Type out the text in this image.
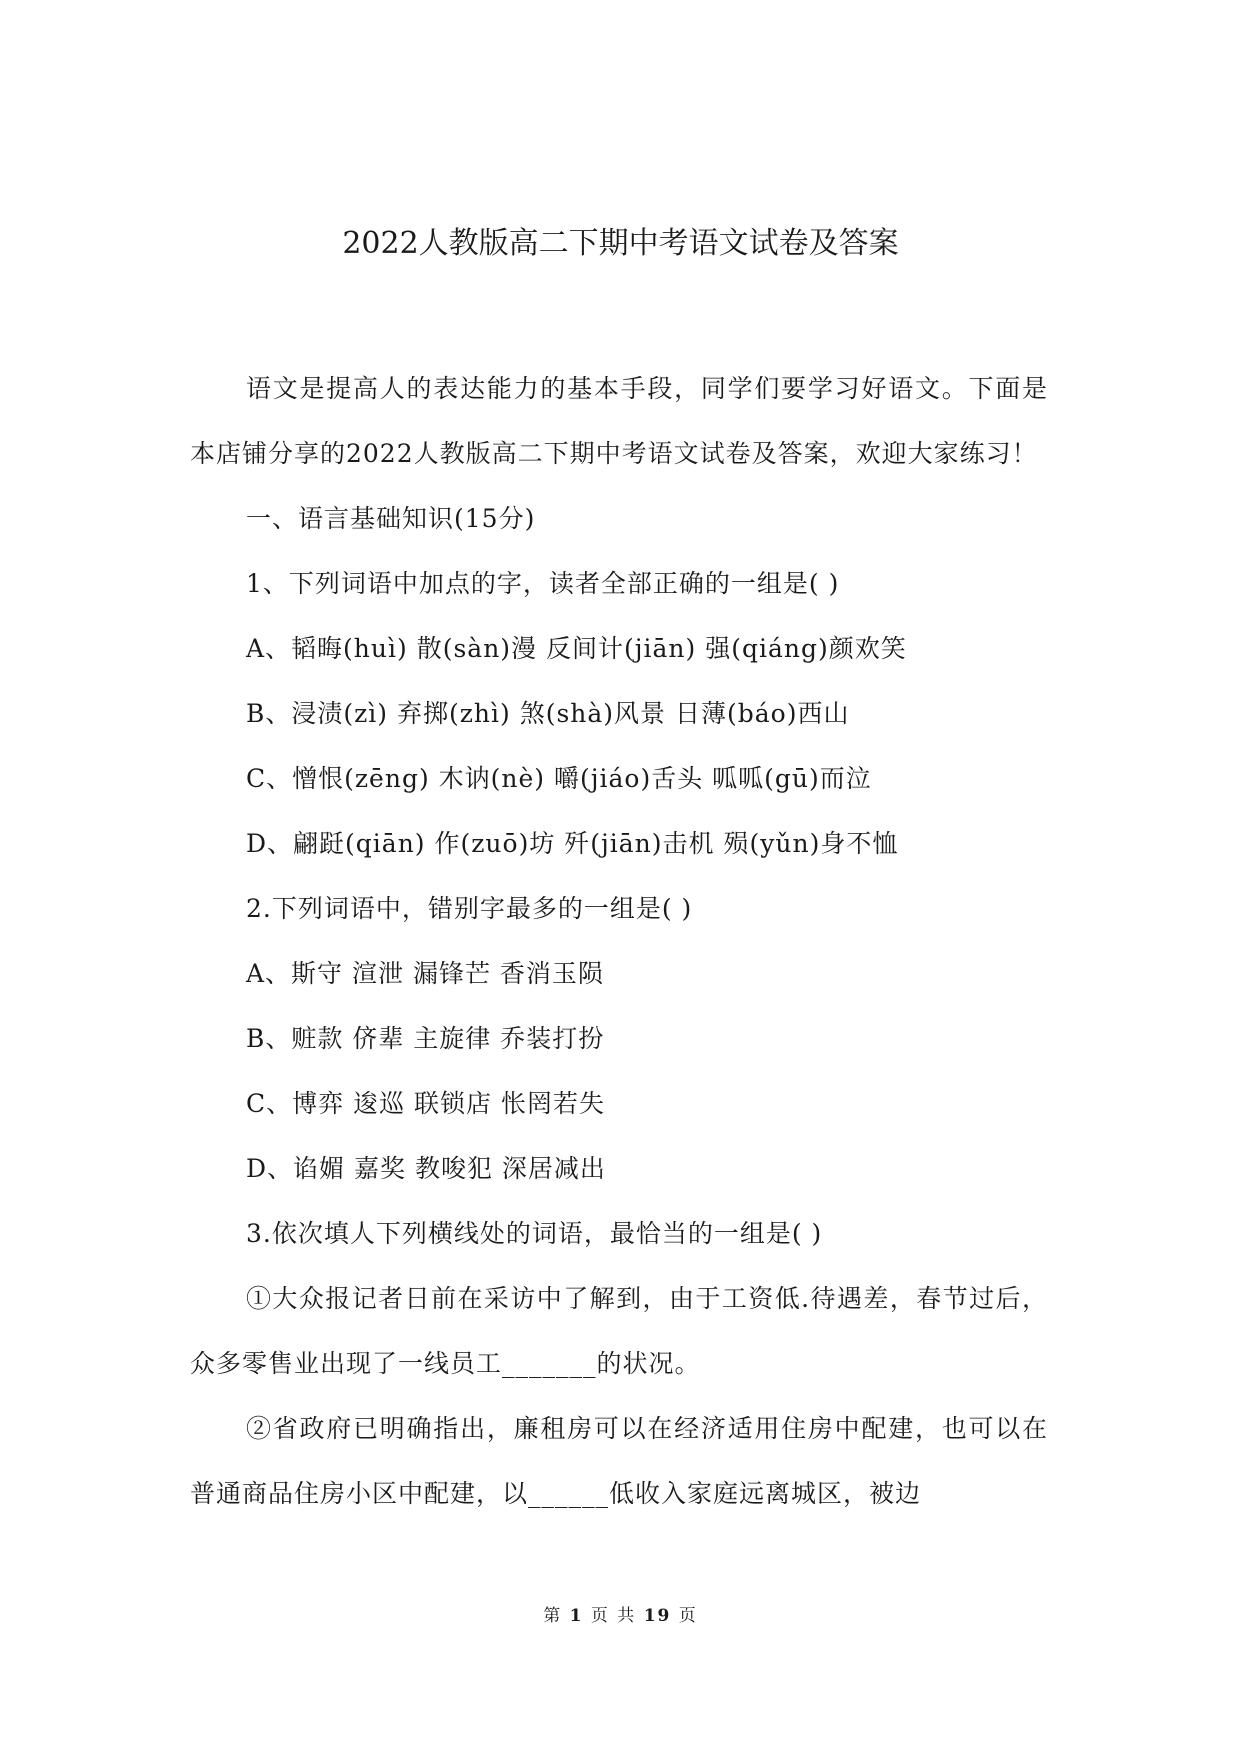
2022人教版高二下期中考语文试卷及答案

语文是提高人的表达能力的基本手段，同学们要学习好语文。下面是本店铺分享的2022人教版高二下期中考语文试卷及答案，欢迎大家练习！

一、语言基础知识(15分)

1、下列词语中加点的字，读者全部正确的一组是( )

A、韬晦(huì) 散(sàn)漫 反间计(jiān) 强(qiáng)颜欢笑

B、浸渍(zì) 弃掷(zhì) 煞(shà)风景 日薄(báo)西山

C、憎恨(zēng) 木讷(nè) 嚼(jiáo)舌头 呱呱(gū)而泣

D、翩跹(qiān) 作(zuō)坊 歼(jiān)击机 殒(yǔn)身不恤

2.下列词语中，错别字最多的一组是( )

A、斯守 渲泄 漏锋芒 香消玉陨

B、赃款 侪辈 主旋律 乔装打扮

C、博弈 逡巡 联锁店 怅罔若失

D、谄媚 嘉奖 教唆犯 深居减出

3.依次填人下列横线处的词语，最恰当的一组是( )

①大众报记者日前在采访中了解到，由于工资低.待遇差，春节过后，众多零售业出现了一线员工_______的状况。

②省政府已明确指出，廉租房可以在经济适用住房中配建，也可以在普通商品住房小区中配建，以______低收入家庭远离城区，被边

第 1 页 共 19 页
